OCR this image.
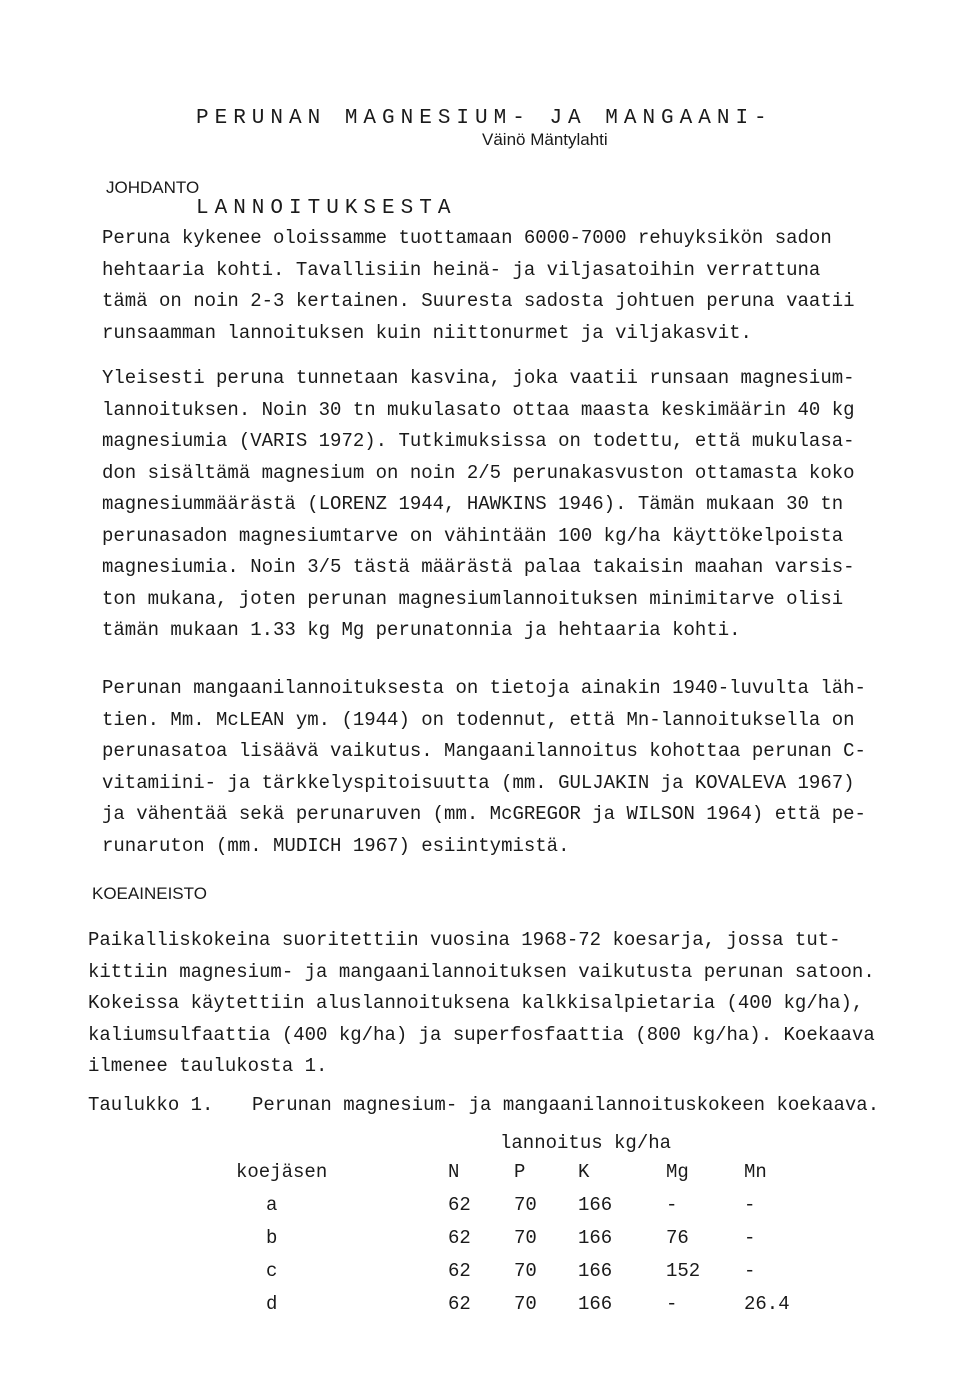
PERUNAN MAGNESIUM- JA MANGAANI-

LANNOITUKSESTA

Väinö Mäntylahti
JOHDANTO
Peruna kykenee oloissamme tuottamaan 6000-7000 rehuyksikön sadon
hehtaaria kohti. Tavallisiin heinä- ja viljasatoihin verrattuna
tämä on noin 2-3 kertainen. Suuresta sadosta johtuen peruna vaatii
runsaamman lannoituksen kuin niittonurmet ja viljakasvit.
Yleisesti peruna tunnetaan kasvina, joka vaatii runsaan magnesium-
lannoituksen. Noin 30 tn mukulasato ottaa maasta keskimäärin 40 kg
magnesiumia (VARIS 1972). Tutkimuksissa on todettu, että mukulasa-
don sisältämä magnesium on noin 2/5 perunakasvuston ottamasta koko
magnesiummäärästä (LORENZ 1944, HAWKINS 1946). Tämän mukaan 30 tn
perunasadon magnesiumtarve on vähintään 100 kg/ha käyttökelpoista
magnesiumia. Noin 3/5 tästä määrästä palaa takaisin maahan varsis-
ton mukana, joten perunan magnesiumlannoituksen minimitarve olisi
tämän mukaan 1.33 kg Mg perunatonnia ja hehtaaria kohti.
Perunan mangaanilannoituksesta on tietoja ainakin 1940-luvulta läh-
tien. Mm. McLEAN ym. (1944) on todennut, että Mn-lannoituksella on
perunasatoa lisäävä vaikutus. Mangaanilannoitus kohottaa perunan C-
vitamiini- ja tärkkelyspitoisuutta (mm. GULJAKIN ja KOVALEVA 1967)
ja vähentää sekä perunaruven (mm. McGREGOR ja WILSON 1964) että pe-
runaruton (mm. MUDICH 1967) esiintymistä.
KOEAINEISTO
Paikalliskokeina suoritettiin vuosina 1968-72 koesarja, jossa tut-
kittiin magnesium- ja mangaanilannoituksen vaikutusta perunan satoon.
Kokeissa käytettiin aluslannoituksena kalkkisalpietaria (400 kg/ha),
kaliumsulfaattia (400 kg/ha) ja superfosfaattia (800 kg/ha). Koekaava
ilmenee taulukosta 1.
Taulukko 1. Perunan magnesium- ja mangaanilannoituskokeen koekaava.
lannoitus kg/ha
koejäsen	N	P	K	Mg	Mn
a	62	70	166	-	-
b	62	70	166	76	-
c	62	70	166	152	-
d	62	70	166	-	26.4
